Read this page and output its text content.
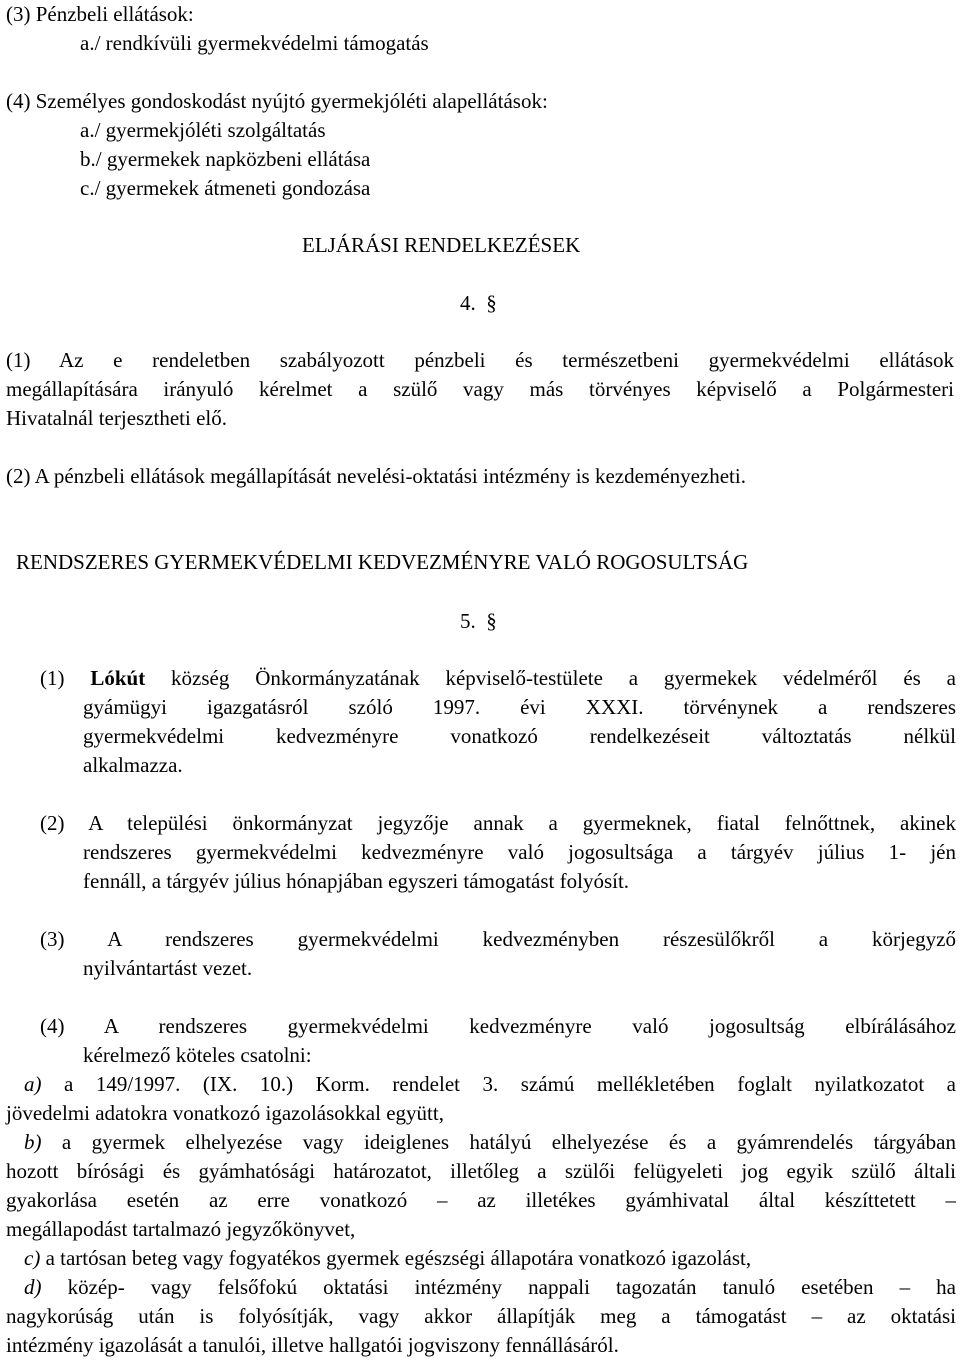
(3) Pénzbeli ellátások:
a./ rendkívüli gyermekvédelmi támogatás
(4) Személyes gondoskodást nyújtó gyermekjóléti alapellátások:
a./ gyermekjóléti szolgáltatás
b./ gyermekek napközbeni ellátása
c./ gyermekek átmeneti gondozása
ELJÁRÁSI RENDELKEZÉSEK
4.  §
(1) Az e rendeletben szabályozott pénzbeli és természetbeni gyermekvédelmi ellátások
megállapítására irányuló kérelmet a szülő vagy más törvényes képviselő a Polgármesteri
Hivatalnál terjesztheti elő.
(2) A pénzbeli ellátások megállapítását nevelési-oktatási intézmény is kezdeményezheti.
RENDSZERES GYERMEKVÉDELMI KEDVEZMÉNYRE VALÓ ROGOSULTSÁG
5.  §
(1) Lókút község Önkormányzatának képviselő-testülete a gyermekek védelméről és a
gyámügyi igazgatásról szóló 1997. évi XXXI. törvénynek a rendszeres
gyermekvédelmi kedvezményre vonatkozó rendelkezéseit változtatás nélkül
alkalmazza.
(2) A települési önkormányzat jegyzője annak a gyermeknek, fiatal felnőttnek, akinek
rendszeres gyermekvédelmi kedvezményre való jogosultsága a tárgyév július 1- jén
fennáll, a tárgyév július hónapjában egyszeri támogatást folyósít.
(3) A rendszeres gyermekvédelmi kedvezményben részesülőkről a körjegyző
nyilvántartást vezet.
(4) A rendszeres gyermekvédelmi kedvezményre való jogosultság elbírálásához
kérelmező köteles csatolni:
a) a 149/1997. (IX. 10.) Korm. rendelet 3. számú mellékletében foglalt nyilatkozatot a
jövedelmi adatokra vonatkozó igazolásokkal együtt,
b) a gyermek elhelyezése vagy ideiglenes hatályú elhelyezése és a gyámrendelés tárgyában
hozott bírósági és gyámhatósági határozatot, illetőleg a szülői felügyeleti jog egyik szülő általi
gyakorlása esetén az erre vonatkozó – az illetékes gyámhivatal által készíttetett –
megállapodást tartalmazó jegyzőkönyvet,
c) a tartósan beteg vagy fogyatékos gyermek egészségi állapotára vonatkozó igazolást,
d) közép- vagy felsőfokú oktatási intézmény nappali tagozatán tanuló esetében – ha
nagykorúság után is folyósítják, vagy akkor állapítják meg a támogatást – az oktatási
intézmény igazolását a tanulói, illetve hallgatói jogviszony fennállásáról.
